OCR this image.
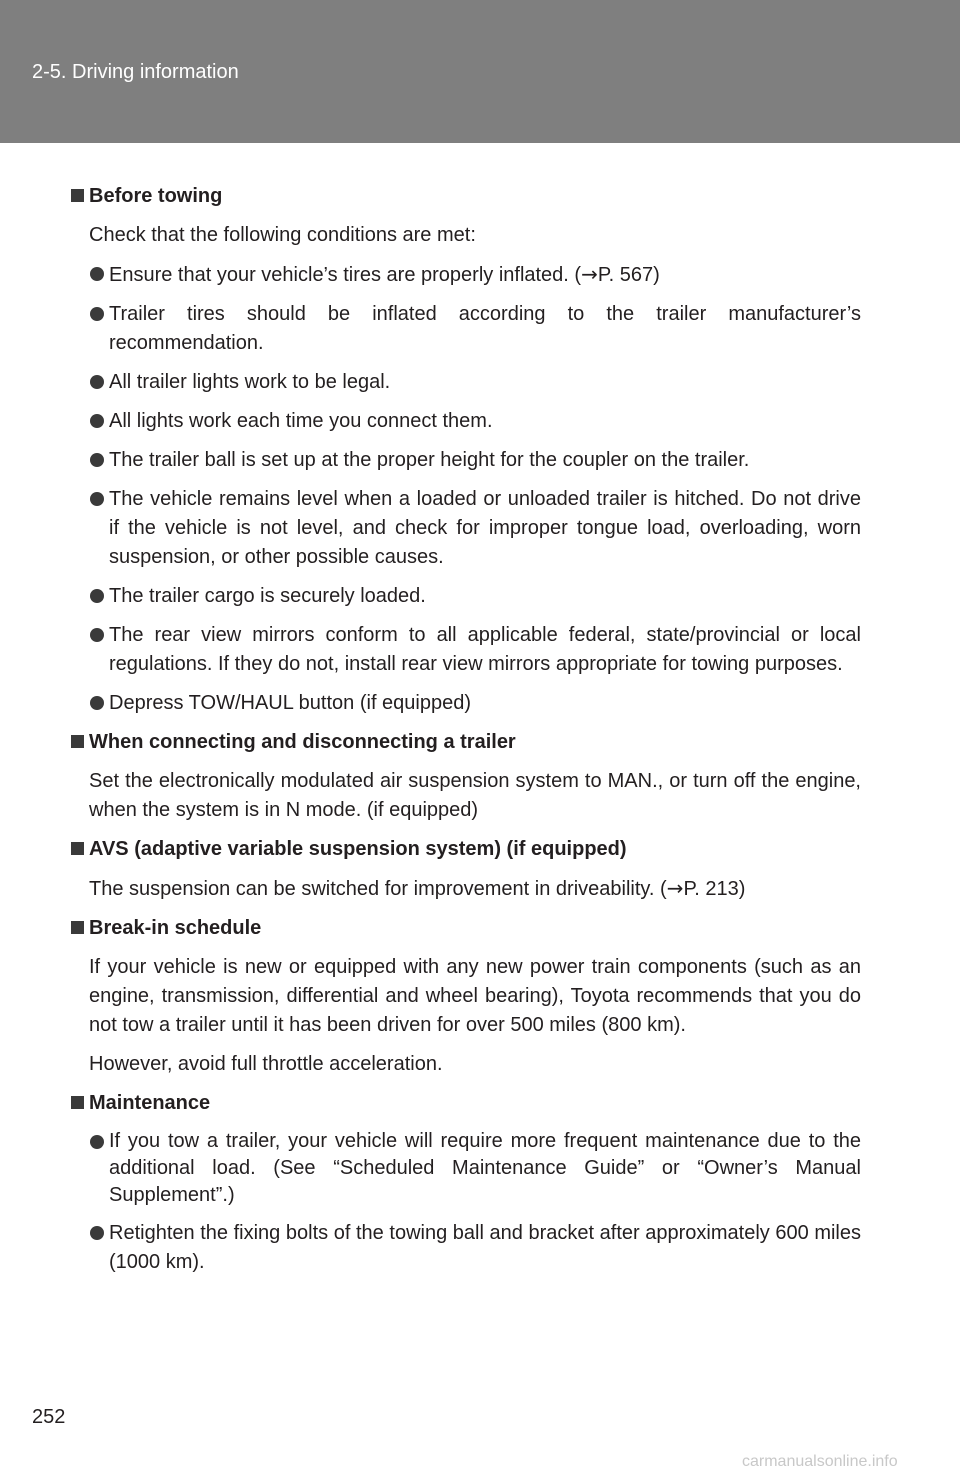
2-5. Driving information
Before towing
Check that the following conditions are met:
Ensure that your vehicle’s tires are properly inflated. (→P. 567)
Trailer tires should be inflated according to the trailer manufacturer’s recommendation.
All trailer lights work to be legal.
All lights work each time you connect them.
The trailer ball is set up at the proper height for the coupler on the trailer.
The vehicle remains level when a loaded or unloaded trailer is hitched. Do not drive if the vehicle is not level, and check for improper tongue load, overloading, worn suspension, or other possible causes.
The trailer cargo is securely loaded.
The rear view mirrors conform to all applicable federal, state/provincial or local regulations. If they do not, install rear view mirrors appropriate for towing purposes.
Depress TOW/HAUL button (if equipped)
When connecting and disconnecting a trailer
Set the electronically modulated air suspension system to MAN., or turn off the engine, when the system is in N mode. (if equipped)
AVS (adaptive variable suspension system) (if equipped)
The suspension can be switched for improvement in driveability. (→P. 213)
Break-in schedule
If your vehicle is new or equipped with any new power train components (such as an engine, transmission, differential and wheel bearing), Toyota recommends that you do not tow a trailer until it has been driven for over 500 miles (800 km).
However, avoid full throttle acceleration.
Maintenance
If you tow a trailer, your vehicle will require more frequent maintenance due to the additional load. (See “Scheduled Maintenance Guide” or “Owner’s Manual Supplement”.)
Retighten the fixing bolts of the towing ball and bracket after approximately 600 miles (1000 km).
252
carmanualsonline.info
